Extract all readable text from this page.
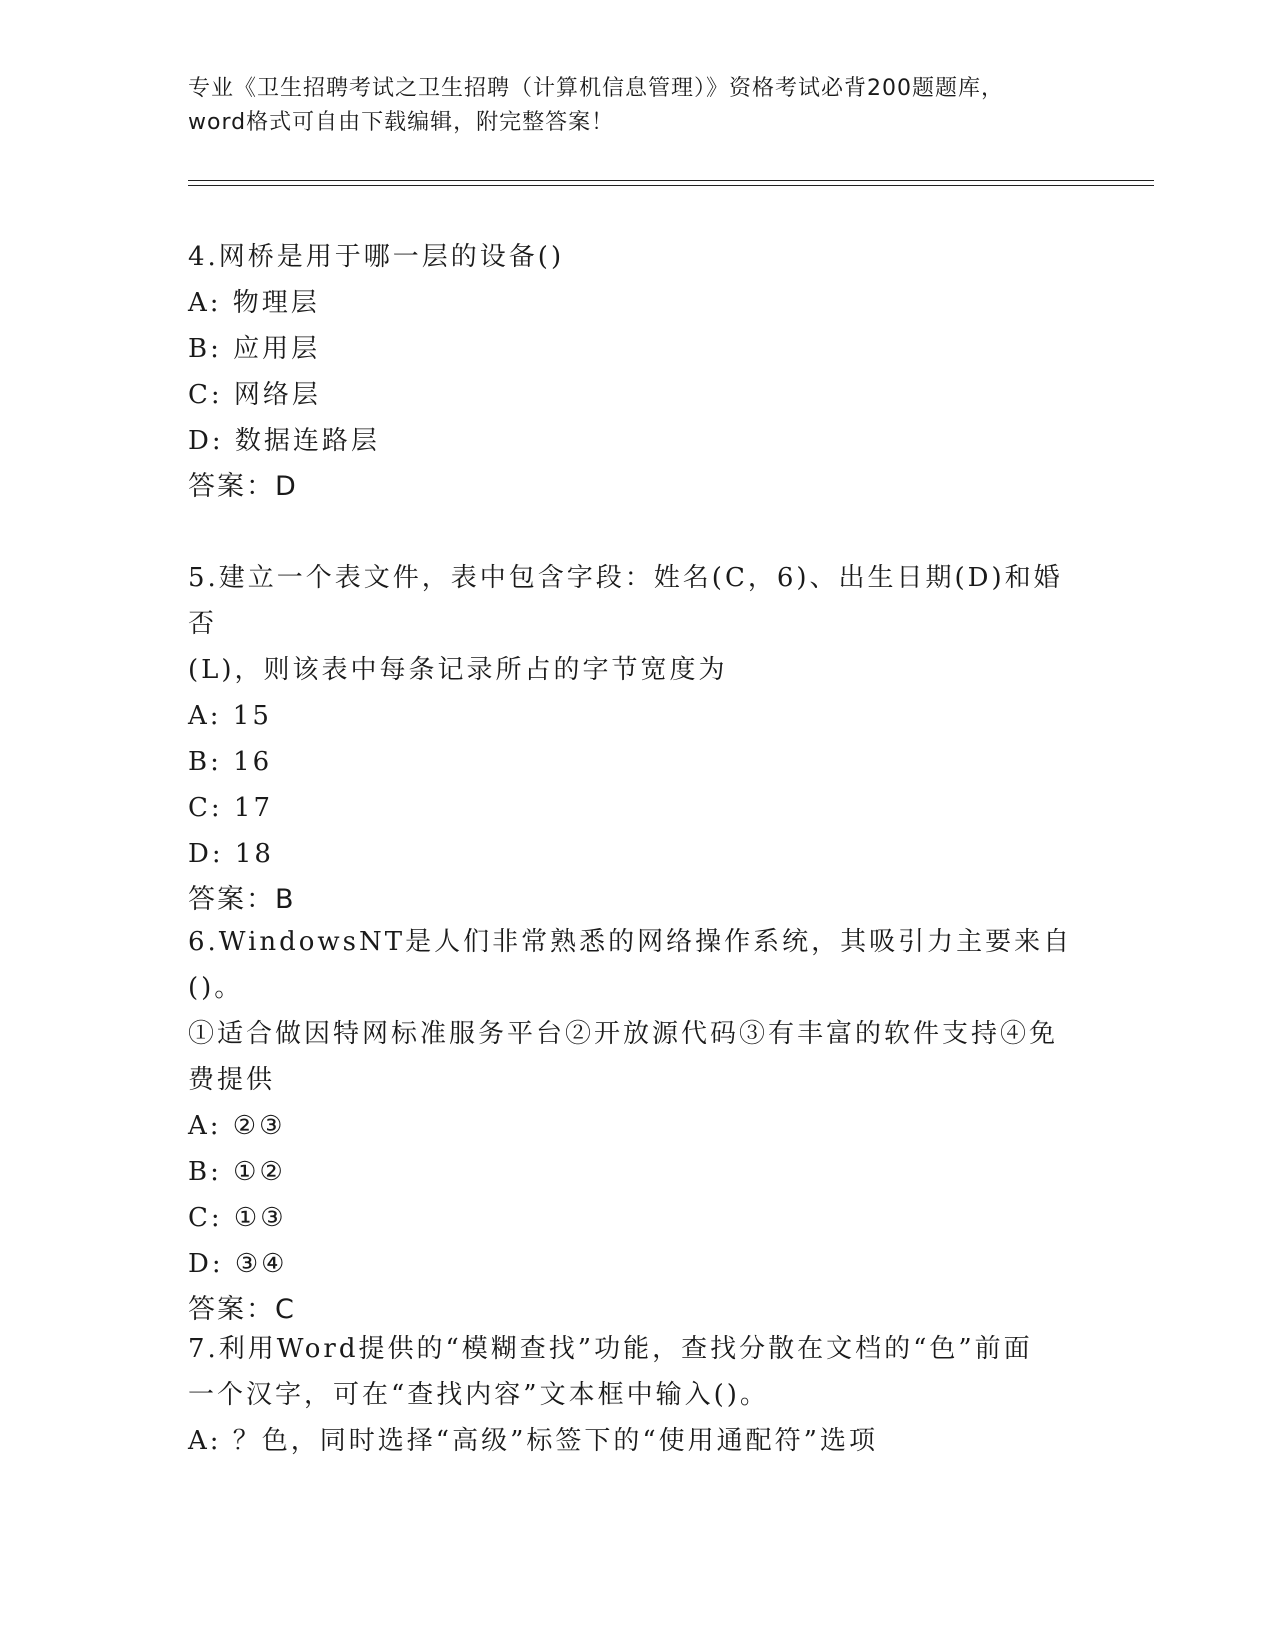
专业《卫生招聘考试之卫生招聘（计算机信息管理）》资格考试必背200题题库，
word格式可自由下载编辑，附完整答案！

4.网桥是用于哪一层的设备()

A: 物理层

B: 应用层

C: 网络层

D: 数据连路层

答案：D

5.建立一个表文件，表中包含字段：姓名(C，6)、出生日期(D)和婚否

(L)，则该表中每条记录所占的字节宽度为

A: 15

B: 16

C: 17

D: 18

答案：B

6.WindowsNT是人们非常熟悉的网络操作系统，其吸引力主要来自()。

①适合做因特网标准服务平台②开放源代码③有丰富的软件支持④免

费提供

A: ②③

B: ①②

C: ①③

D: ③④

答案：C

7.利用Word提供的“模糊查找”功能，查找分散在文档的“色”前面

一个汉字，可在“查找内容”文本框中输入()。

A: ？色，同时选择“高级”标签下的“使用通配符”选项
